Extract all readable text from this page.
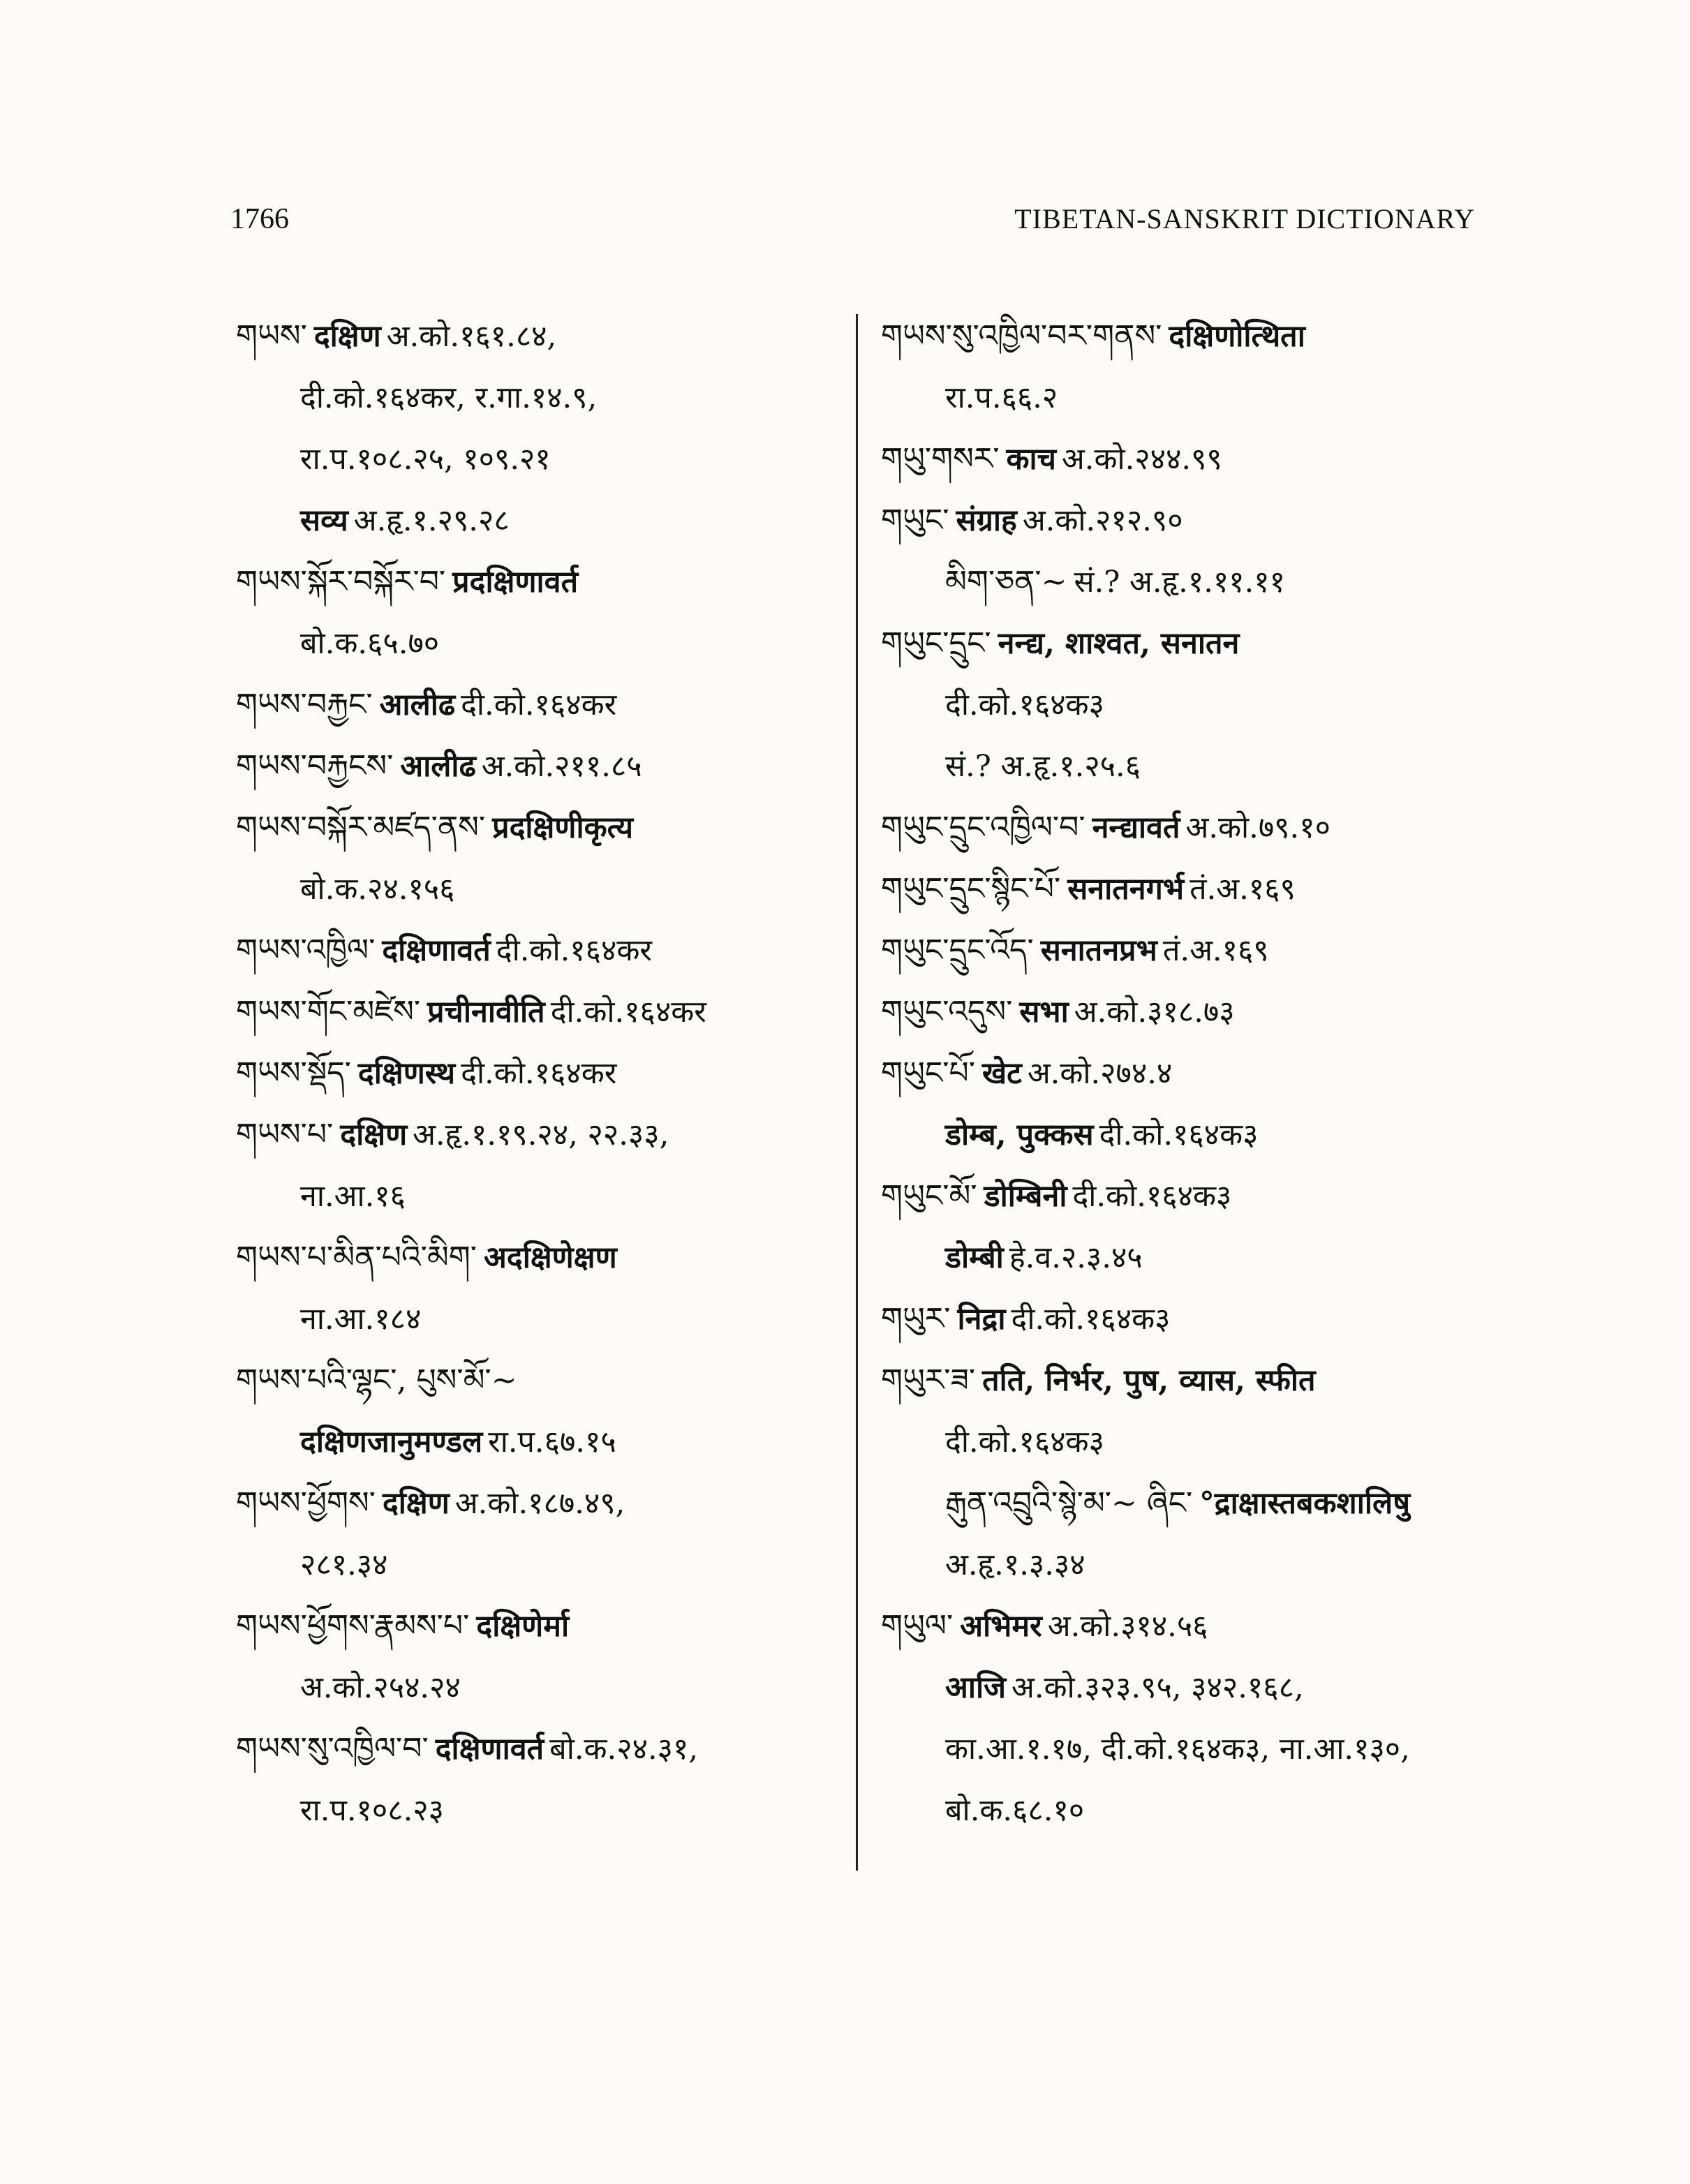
1766	TIBETAN-SANSKRIT DICTIONARY
གཡས་ दक्षिण अ.को.१६१.८४,
दी.को.१६४कर, र.गा.१४.९,
रा.प.१०८.२५, १०९.२१
सव्य अ.हृ.१.२९.२८
གཡས་སྐོར་བསྐོར་བ་ प्रदक्षिणावर्त
बो.क.६५.७०
གཡས་བརྐྱང་ आलीढ दी.को.१६४कर
གཡས་བརྐྱངས་ आलीढ अ.को.२११.८५
གཡས་བསྐོར་མཛད་ནས་ प्रदक्षिणीकृत्य
बो.क.२४.१५६
གཡས་འཁྱིལ་ दक्षिणावर्त दी.को.१६४कर
གཡས་གོང་མཛེས་ प्रचीनावीति दी.को.१६४कर
གཡས་སྡོད་ दक्षिणस्थ दी.को.१६४कर
གཡས་པ་ दक्षिण अ.हृ.१.१९.२४, २२.३३,
ना.आ.१६
གཡས་པ་མིན་པའི་མིག་ अदक्षिणेक्षण
ना.आ.१८४
གཡས་པའི་ལྷང་, པུས་མོ་~
दक्षिणजानुमण्डल रा.प.६७.१५
གཡས་ཕྱོགས་ दक्षिण अ.को.१८७.४९,
२८१.३४
གཡས་ཕྱོགས་རྣམས་པ་ दक्षिणेर्मा
अ.को.२५४.२४
གཡས་སུ་འཁྱིལ་བ་ दक्षिणावर्त बो.क.२४.३१,
रा.प.१०८.२३
གཡས་སུ་འཁྱིལ་བར་གནས་ दक्षिणोत्थिता
रा.प.६६.२
གཡུ་གསར་ काच अ.को.२४४.९९
གཡུང་ संग्राह अ.को.२१२.९०
མིག་ཅན་~ सं.? अ.हृ.१.११.११
གཡུང་དྲུང་ नन्द्य, शाश्वत, सनातन
दी.को.१६४क३
सं.? अ.हृ.१.२५.६
གཡུང་དྲུང་འཁྱིལ་བ་ नन्द्यावर्त अ.को.७९.१०
གཡུང་དྲུང་སྙིང་པོ་ सनातनगर्भ तं.अ.१६९
གཡུང་དྲུང་འོད་ सनातनप्रभ तं.अ.१६९
གཡུང་འདུས་ सभा अ.को.३१८.७३
གཡུང་པོ་ खेट अ.को.२७४.४
डोम्ब, पुक्कस दी.को.१६४क३
གཡུང་མོ་ डोम्बिनी दी.को.१६४क३
डोम्बी हे.व.२.३.४५
གཡུར་ निद्रा दी.को.१६४क३
གཡུར་ཟ་ तति, निर्भर, पुष, व्यास, स्फीत
दी.को.१६४क३
རྒུན་འབྲུའི་སྙེ་མ་~ ཞིང་ °द्राक्षास्तबकशालिषु
अ.हृ.१.३.३४
གཡུལ་ अभिमर अ.को.३१४.५६
आजि अ.को.३२३.९५, ३४२.१६८,
का.आ.१.१७, दी.को.१६४क३, ना.आ.१३०,
बो.क.६८.१०
